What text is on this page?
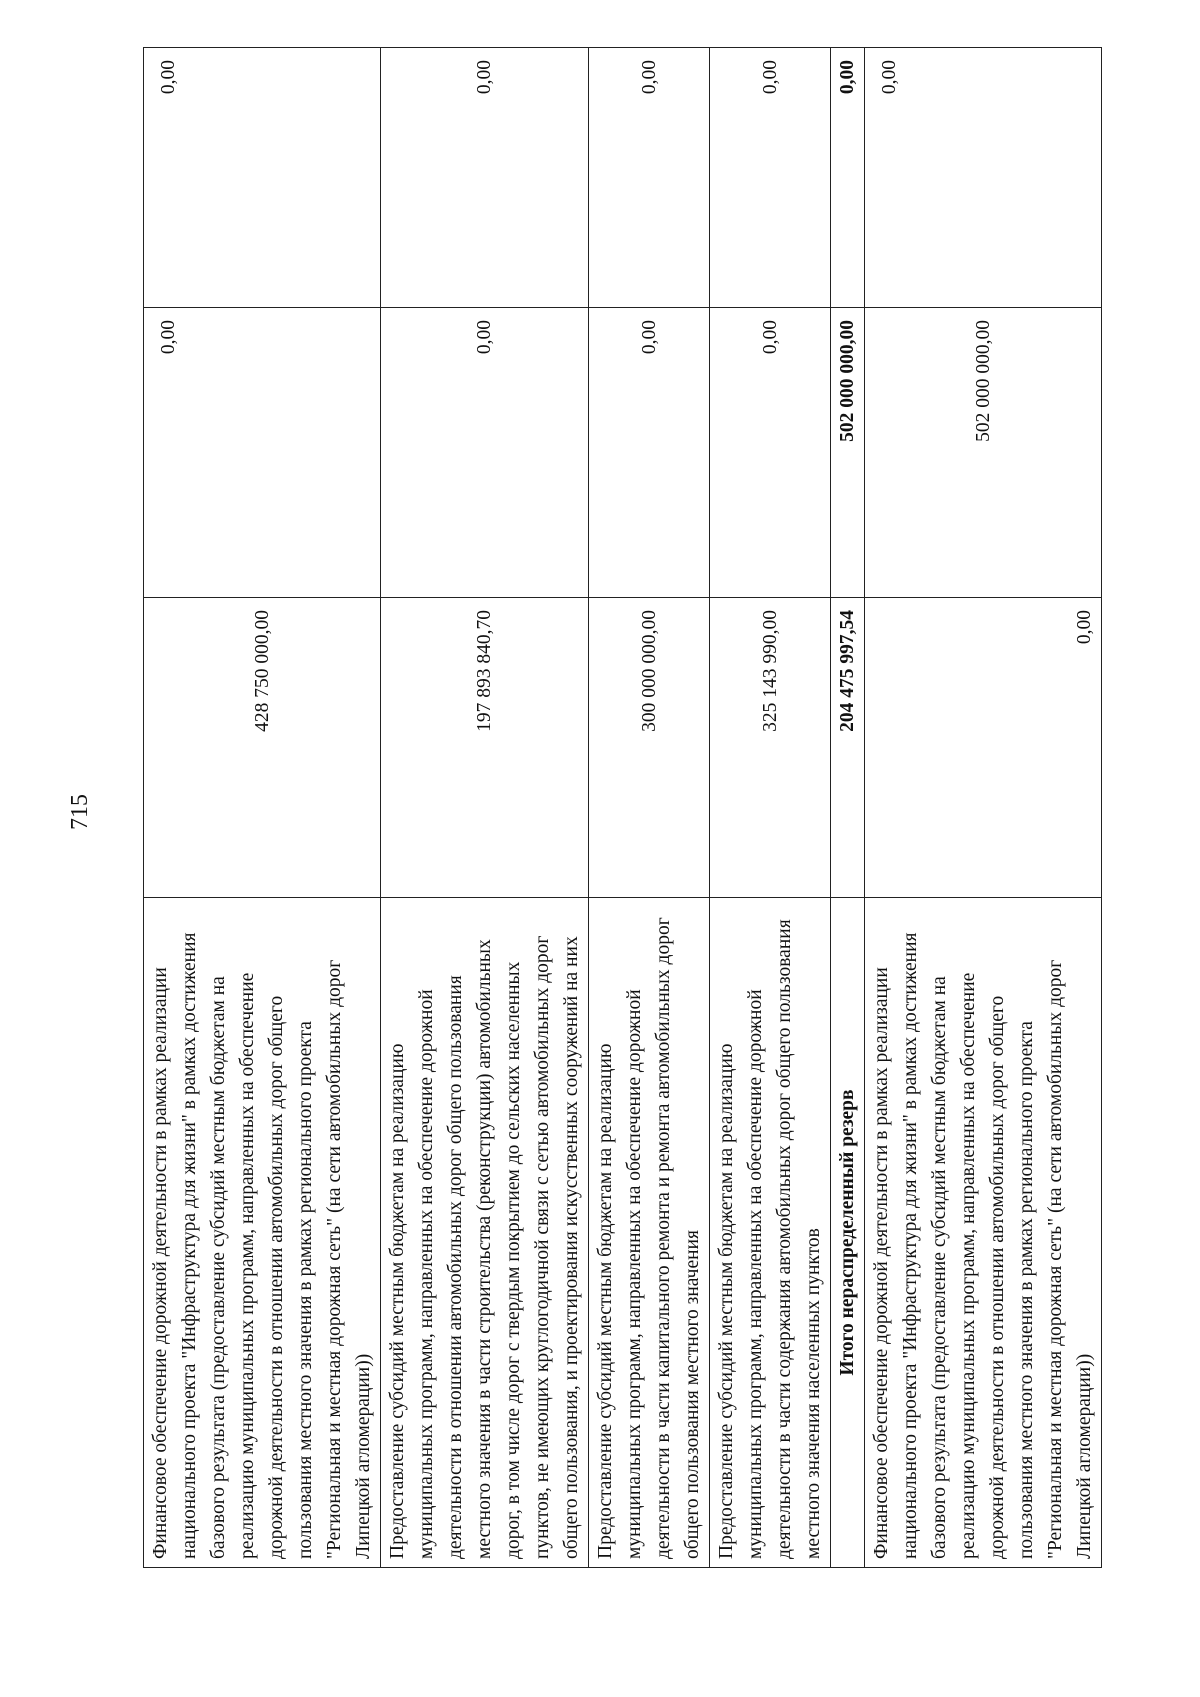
715
Финансовое обеспечение дорожной деятельности в рамках реализации национального проекта "Инфраструктура для жизни" в рамках достижения базового результата (предоставление субсидий местным бюджетам на реализацию муниципальных программ, направленных на обеспечение дорожной деятельности в отношении автомобильных дорог общего пользования местного значения в рамках регионального проекта "Региональная и местная дорожная сеть" (на сети автомобильных дорог Липецкой агломерации))	428 750 000,00	0,00	0,00
Предоставление субсидий местным бюджетам на реализацию муниципальных программ, направленных на обеспечение дорожной деятельности в отношении автомобильных дорог общего пользования местного значения в части строительства (реконструкции) автомобильных дорог, в том числе дорог с твердым покрытием до сельских населенных пунктов, не имеющих круглогодичной связи с сетью автомобильных дорог общего пользования, и проектирования искусственных сооружений на них	197 893 840,70	0,00	0,00
Предоставление субсидий местным бюджетам на реализацию муниципальных программ, направленных на обеспечение дорожной деятельности в части капитального ремонта и ремонта автомобильных дорог общего пользования местного значения	300 000 000,00	0,00	0,00
Предоставление субсидий местным бюджетам на реализацию муниципальных программ, направленных на обеспечение дорожной деятельности в части содержания автомобильных дорог общего пользования местного значения населенных пунктов	325 143 990,00	0,00	0,00
Итого нераспределенный резерв	204 475 997,54	502 000 000,00	0,00
Финансовое обеспечение дорожной деятельности в рамках реализации национального проекта "Инфраструктура для жизни" в рамках достижения базового результата (предоставление субсидий местным бюджетам на реализацию муниципальных программ, направленных на обеспечение дорожной деятельности в отношении автомобильных дорог общего пользования местного значения в рамках регионального проекта "Региональная и местная дорожная сеть" (на сети автомобильных дорог Липецкой агломерации))	0,00	502 000 000,00	0,00
